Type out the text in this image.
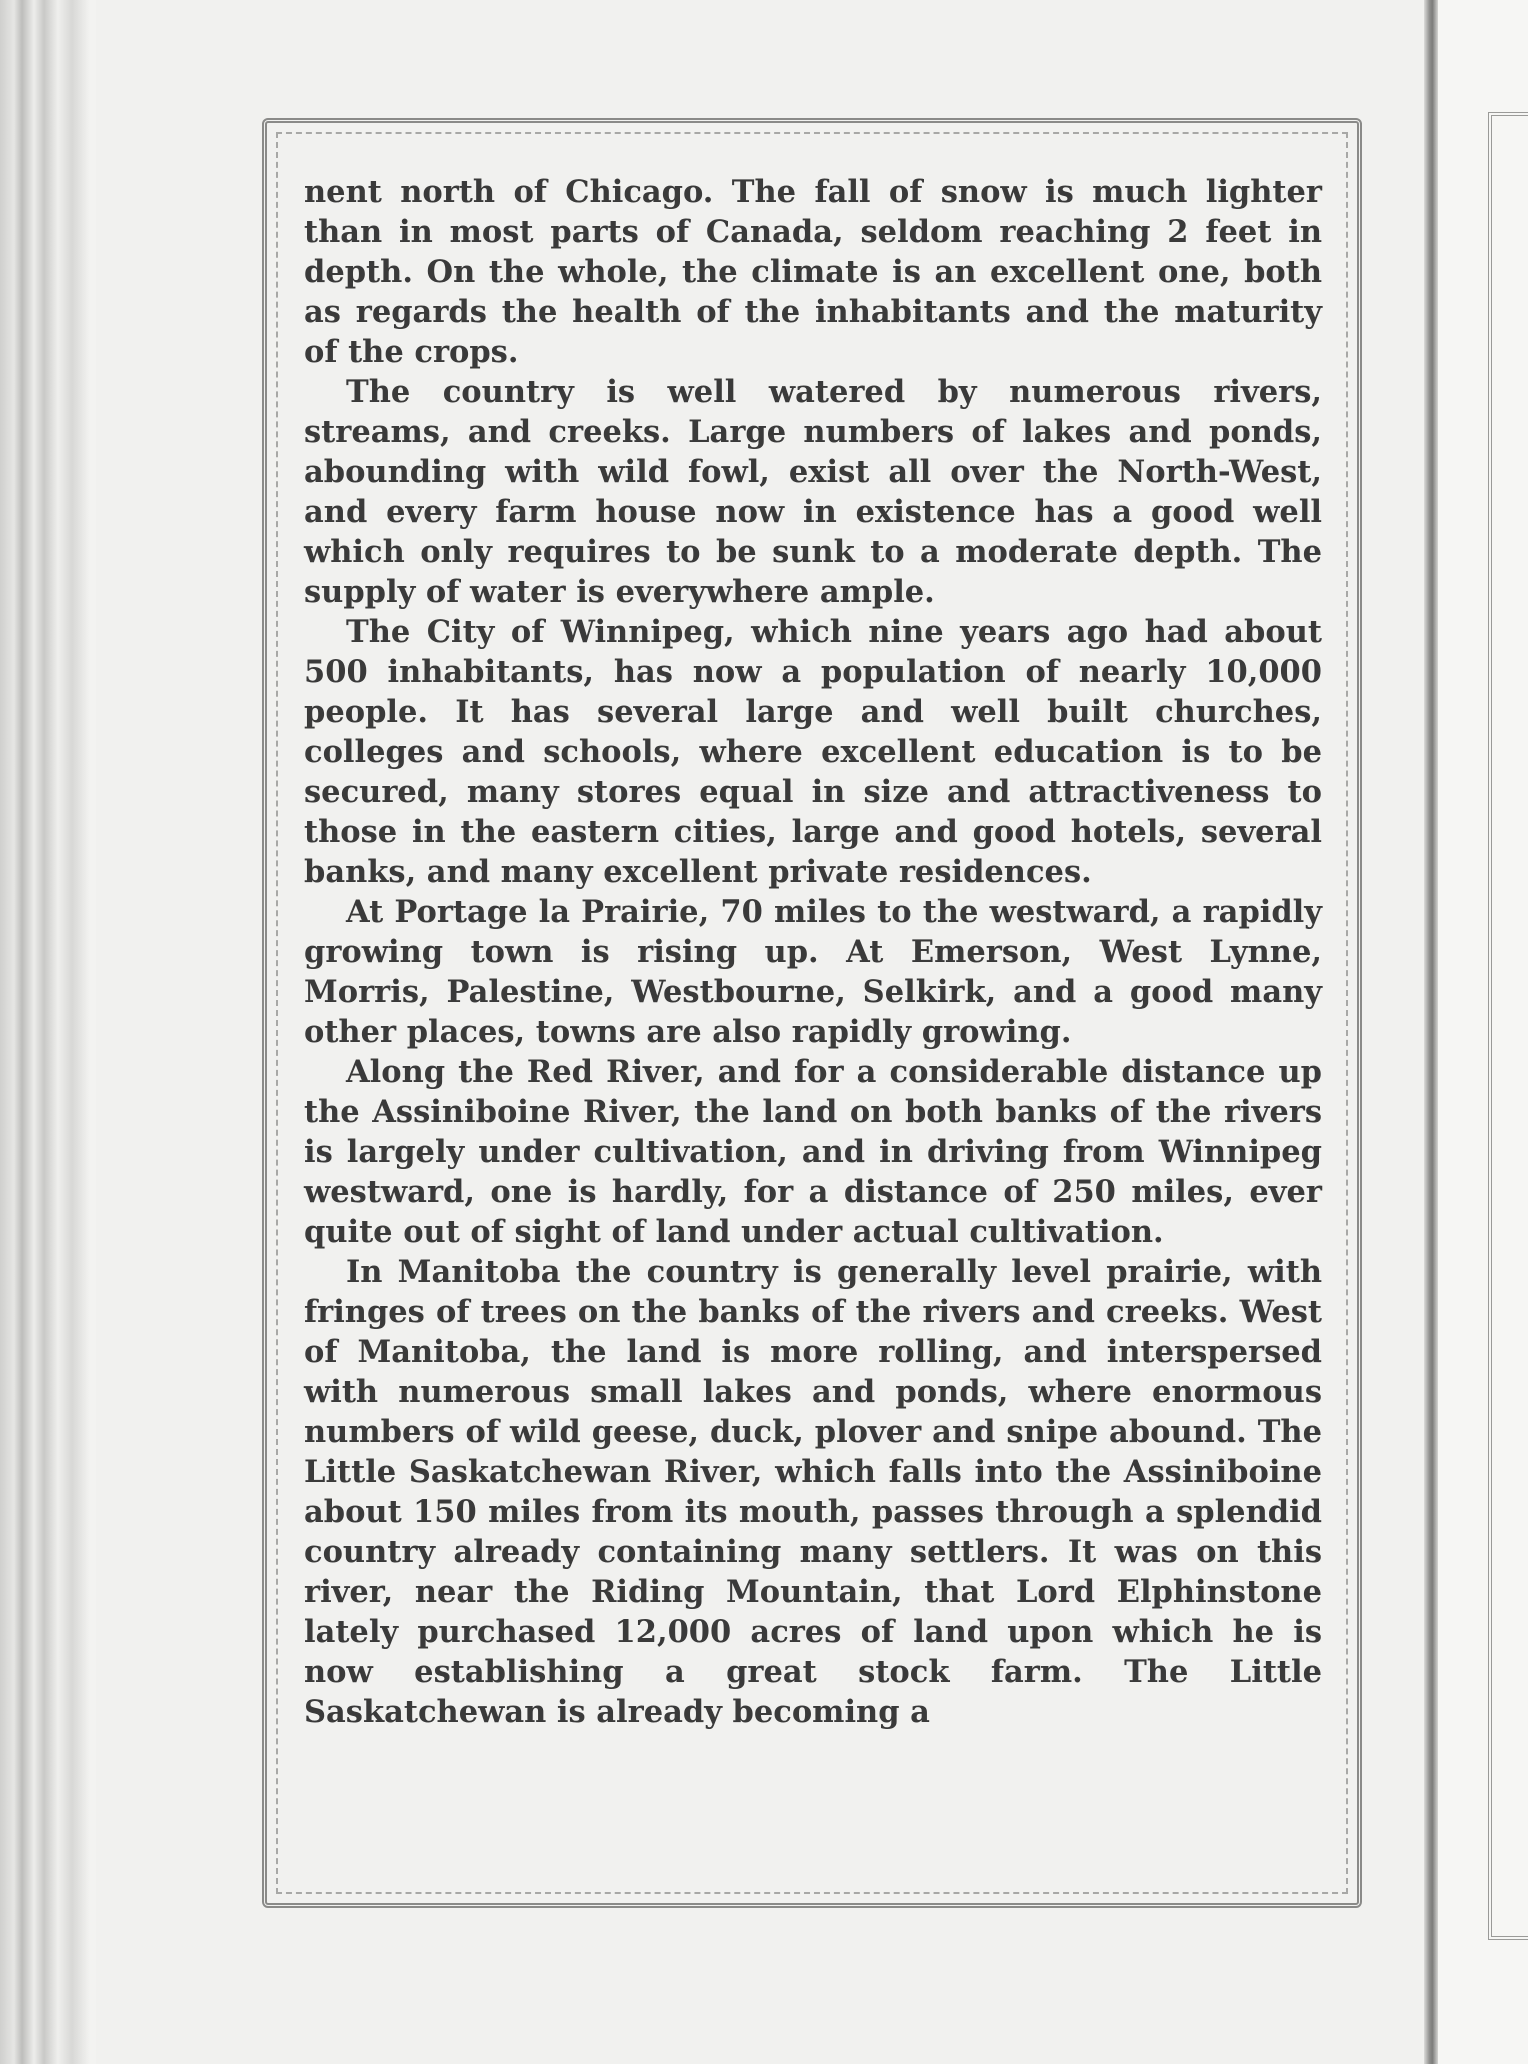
nent north of Chicago. The fall of snow is much lighter than in most parts of Canada, seldom reaching 2 feet in depth. On the whole, the climate is an excellent one, both as regards the health of the inhabitants and the maturity of the crops.

The country is well watered by numerous rivers, streams, and creeks. Large numbers of lakes and ponds, abounding with wild fowl, exist all over the North-West, and every farm house now in existence has a good well which only requires to be sunk to a moderate depth. The supply of water is everywhere ample.

The City of Winnipeg, which nine years ago had about 500 inhabitants, has now a population of nearly 10,000 people. It has several large and well built churches, colleges and schools, where excellent education is to be secured, many stores equal in size and attractiveness to those in the eastern cities, large and good hotels, several banks, and many excellent private residences.

At Portage la Prairie, 70 miles to the westward, a rapidly growing town is rising up. At Emerson, West Lynne, Morris, Palestine, Westbourne, Selkirk, and a good many other places, towns are also rapidly growing.

Along the Red River, and for a considerable distance up the Assiniboine River, the land on both banks of the rivers is largely under cultivation, and in driving from Winnipeg westward, one is hardly, for a distance of 250 miles, ever quite out of sight of land under actual cultivation.

In Manitoba the country is generally level prairie, with fringes of trees on the banks of the rivers and creeks. West of Manitoba, the land is more rolling, and interspersed with numerous small lakes and ponds, where enormous numbers of wild geese, duck, plover and snipe abound. The Little Saskatchewan River, which falls into the Assiniboine about 150 miles from its mouth, passes through a splendid country already containing many settlers. It was on this river, near the Riding Mountain, that Lord Elphinstone lately purchased 12,000 acres of land upon which he is now establishing a great stock farm. The Little Saskatchewan is already becoming a
